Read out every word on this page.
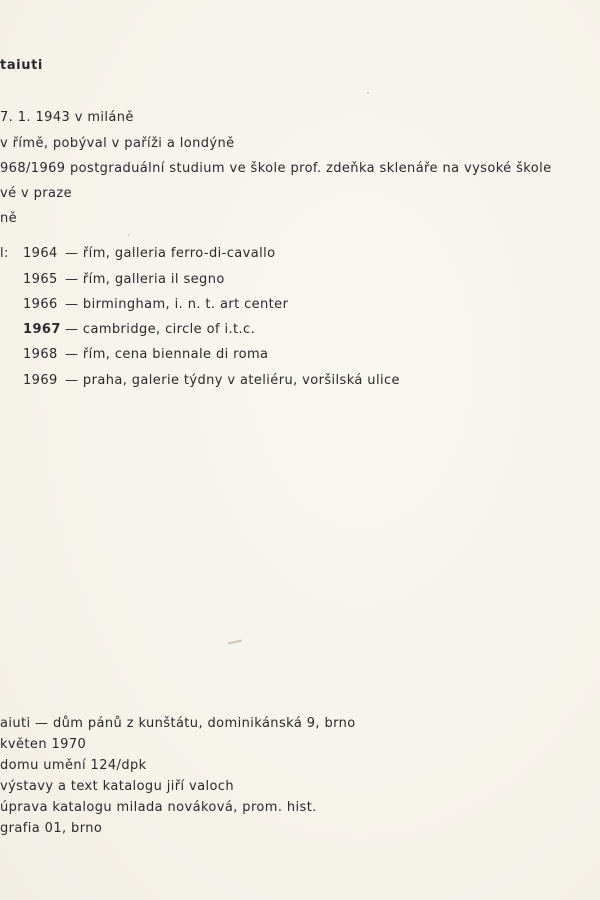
taiuti
7. 1. 1943 v miláně
v římě, pobýval v paříži a londýně
968/1969 postgraduální studium ve škole prof. zdeňka sklenáře na vysoké škole
vé v praze
ně
l: 1964 — řím, galleria ferro-di-cavallo
1965 — řím, galleria il segno
1966 — birmingham, i. n. t. art center
1967 — cambridge, circle of i.t.c.
1968 — řím, cena biennale di roma
1969 — praha, galerie týdny v ateliéru, voršilská ulice
aiuti — dům pánů z kunštátu, dominikánská 9, brno
květen 1970
domu umění 124/dpk
výstavy a text katalogu jiří valoch
úprava katalogu milada nováková, prom. hist.
grafia 01, brno
